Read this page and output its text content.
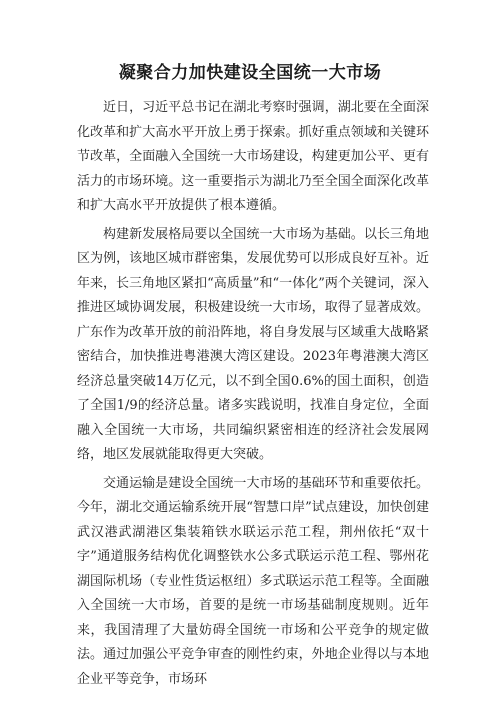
凝聚合力加快建设全国统一大市场

近日，习近平总书记在湖北考察时强调，湖北要在全面深化改革和扩大高水平开放上勇于探索。抓好重点领域和关键环节改革，全面融入全国统一大市场建设，构建更加公平、更有活力的市场环境。这一重要指示为湖北乃至全国全面深化改革和扩大高水平开放提供了根本遵循。

构建新发展格局要以全国统一大市场为基础。以长三角地区为例，该地区城市群密集，发展优势可以形成良好互补。近年来，长三角地区紧扣“高质量”和“一体化”两个关键词，深入推进区域协调发展，积极建设统一大市场，取得了显著成效。广东作为改革开放的前沿阵地，将自身发展与区域重大战略紧密结合，加快推进粤港澳大湾区建设。2023年粤港澳大湾区经济总量突破14万亿元，以不到全国0.6%的国土面积，创造了全国1/9的经济总量。诸多实践说明，找准自身定位，全面融入全国统一大市场，共同编织紧密相连的经济社会发展网络，地区发展就能取得更大突破。

交通运输是建设全国统一大市场的基础环节和重要依托。今年，湖北交通运输系统开展“智慧口岸”试点建设，加快创建武汉港武湖港区集装箱铁水联运示范工程，荆州依托“双十字”通道服务结构优化调整铁水公多式联运示范工程、鄂州花湖国际机场（专业性货运枢纽）多式联运示范工程等。全面融入全国统一大市场，首要的是统一市场基础制度规则。近年来，我国清理了大量妨碍全国统一市场和公平竞争的规定做法。通过加强公平竞争审查的刚性约束，外地企业得以与本地企业平等竞争，市场环
